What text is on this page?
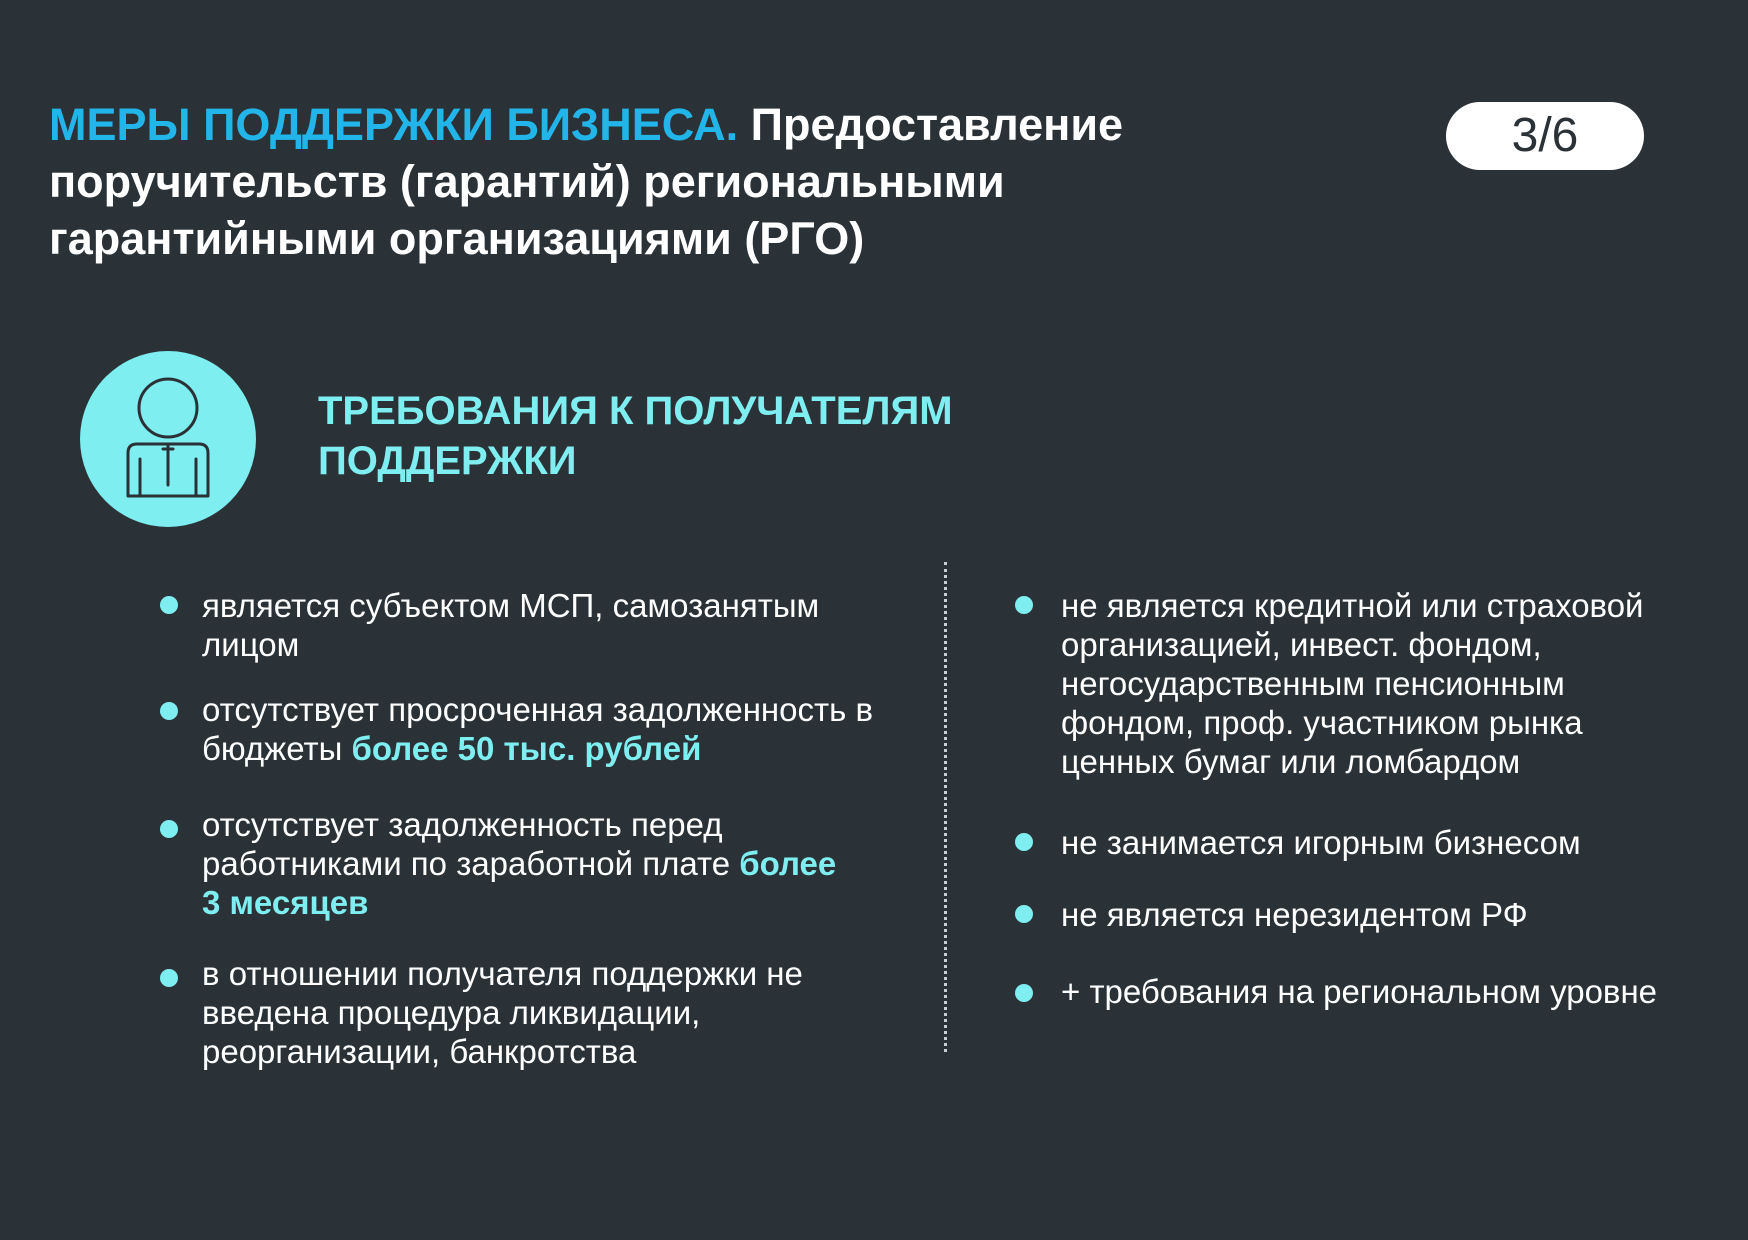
МЕРЫ ПОДДЕРЖКИ БИЗНЕСА. Предоставление поручительств (гарантий) региональными гарантийными организациями (РГО)
3/6
ТРЕБОВАНИЯ К ПОЛУЧАТЕЛЯМ
ПОДДЕРЖКИ
является субъектом МСП, самозанятым лицом
отсутствует просроченная задолженность в бюджеты более 50 тыс. рублей
отсутствует задолженность перед работниками по заработной плате более 3 месяцев
в отношении получателя поддержки не введена процедура ликвидации, реорганизации, банкротства
не является кредитной или страховой организацией, инвест. фондом, негосударственным пенсионным фондом, проф. участником рынка ценных бумаг или ломбардом
не занимается игорным бизнесом
не является нерезидентом РФ
+ требования на региональном уровне
